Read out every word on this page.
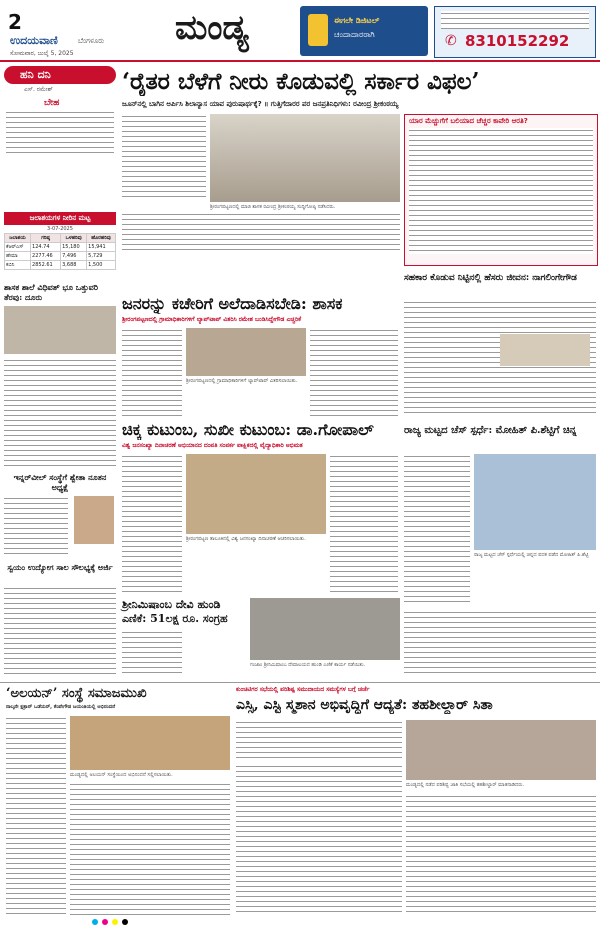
2
ಉದಯವಾಣಿ	ಬೆಂಗಳೂರು
ಸೋಮವಾರ, ಜುಲೈ 5, 2025
ಮಂಡ್ಯ	ಈಗಲೇ ಡಿಜಿಟಲ್
ಚಂದಾದಾರರಾಗಿ	✆ 8310152292
ಹನಿ ದನಿ
ಎಸ್. ರಮೇಶ್
ಬೇಹ
ಜಲಾಶಯಗಳ ನೀರಿನ ಮಟ್ಟ
3-07-2025
ಜಲಾಶಯ	ಗರಿಷ್ಠ	ಒಳಹರಿವು	ಹೊರಹರಿವು
ಕೆಆರ್‌ಎಸ್	124.74	15,180	15,941
ಹೇಮಾ	2277.46	7,496	5,729
ಕಬಿನಿ	2852.61	3,688	1,500
ಶಾಸಕ ಶಾಲೆ ವಿಧಿವತ್ ಭೂ ಒತ್ತುವರಿ ತೆರವು: ದೂರು
ಇನ್ನರ್‌ವೀಲ್ ಸಂಸ್ಥೆಗೆ ಶ್ವೇತಾ ನೂತನ ಅಧ್ಯಕ್ಷೆ
ಸ್ವಯಂ ಉದ್ಯೋಗ ಸಾಲ ಸೌಲಭ್ಯಕ್ಕೆ ಅರ್ಜಿ
‘ರೈತರ ಬೆಳೆಗೆ ನೀರು ಕೊಡುವಲ್ಲಿ ಸರ್ಕಾರ ವಿಫಲ’
ಜೂನ್‌ನಲ್ಲಿ ಬಾಗಿನ ಅರ್ಪಿಸಿ ಶಿಲಾನ್ಯಾಸ ಯಾವ ಪುರುಷಾರ್ಥಕ್ಕೆ? ॥ ಗುತ್ತಿಗೆದಾರರ ಪರ ಜನಪ್ರತಿನಿಧಿಗಳು: ರವೀಂದ್ರ ಶ್ರೀಕಂಠಯ್ಯ
ಶ್ರೀರಂಗಪಟ್ಟಣದಲ್ಲಿ ಮಾಜಿ ಶಾಸಕ ರವೀಂದ್ರ ಶ್ರೀಕಂಠಯ್ಯ ಸುದ್ದಿಗೋಷ್ಠಿ ನಡೆಸಿದರು.
ಯಾರ ಮೆಚ್ಚುಗೆಗೆ ಬಲಿಯಾದ ಚೆಚ್ಚರ ಕಾವೇರಿ ಆರತಿ?
ಜನರನ್ನು ಕಚೇರಿಗೆ ಅಲೆದಾಡಿಸಬೇಡಿ: ಶಾಸಕ
ಶ್ರೀರಂಗಪಟ್ಟಣದಲ್ಲಿ ಗ್ರಾಮಾಧಿಕಾರಿಗಳಿಗೆ ಲ್ಯಾಪ್‌ಟಾಪ್ ವಿತರಿಸಿ ರಮೇಶ ಬಂಡಿಸಿದ್ದೇಗೌಡ ಎಚ್ಚರಿಕೆ
ಶ್ರೀರಂಗಪಟ್ಟಣದಲ್ಲಿ ಗ್ರಾಮಾಧಿಕಾರಿಗಳಿಗೆ ಲ್ಯಾಪ್‌ಟಾಪ್ ವಿತರಿಸಲಾಯಿತು.
ಸಹಕಾರ ಕೊಡುವ ನಿಟ್ಟಿನಲ್ಲಿ ಹೆಸರು ಜೀವನ: ನಾಗಲಿಂಗೇಗೌಡ
ಚಿಕ್ಕ ಕುಟುಂಬ, ಸುಖೀ ಕುಟುಂಬ: ಡಾ.ಗೋಪಾಲ್
ವಿಶ್ವ ಜನಸಂಖ್ಯಾ ದಿನಾಚರಣೆ ಅಭಿಯಾನದ ದಂಪತಿ ಸಂಪರ್ಕ ಪಾಕ್ಷಿಕದಲ್ಲಿ ವೈದ್ಯಾಧಿಕಾರಿ ಅಭಿಮತ
ಶ್ರೀರಂಗಪಟ್ಟಣ ತಾಲೂಕಿನಲ್ಲಿ ವಿಶ್ವ ಜನಸಂಖ್ಯಾ ದಿನಾಚರಣೆ ಆಚರಿಸಲಾಯಿತು.
ರಾಜ್ಯ ಮಟ್ಟದ ಚೆಸ್ ಸ್ಪರ್ಧೆ: ಮೋಹಿತ್ ಪಿ.ಶೆಟ್ಟಿಗೆ ಚಿನ್ನ
ರಾಜ್ಯ ಮಟ್ಟದ ಚೆಸ್ ಸ್ಪರ್ಧೆಯಲ್ಲಿ ಚಿನ್ನದ ಪದಕ ಪಡೆದ ಮೋಹಿತ್ ಪಿ.ಶೆಟ್ಟಿ
ಶ್ರೀನಿಮಿಷಾಂಬ ದೇವಿ ಹುಂಡಿ ಎಣಿಕೆ: 51ಲಕ್ಷ ರೂ. ಸಂಗ್ರಹ
ಗಂಜಾಂ ಶ್ರೀನಿಮಿಷಾಂಬ ದೇವಾಲಯದ ಹುಂಡಿ ಎಣಿಕೆ ಕಾರ್ಯ ನಡೆಯಿತು.
‘ಅಲಯನ್’ ಸಂಸ್ಥೆ ಸಮಾಜಮುಖಿ
ನಾಲ್ಕನೇ ಕ್ಷತ್ರಾನ್ ಒಡೆಯರ್, ಕೆಂಪೇಗೌಡ ಜಯಂತಿಯಲ್ಲಿ ಅಭಿನಂದನೆ
ಮಂಡ್ಯದಲ್ಲಿ ಅಲಯನ್ ಸಂಸ್ಥೆಯಿಂದ ಅಭಿನಂದನೆ ಸಲ್ಲಿಸಲಾಯಿತು.
ಕುಂಚಿಟಿಗರ ಸಭೆಯಲ್ಲಿ ಪರಿಶಿಷ್ಟ ಸಮುದಾಯದ ಸಮಸ್ಯೆಗಳ ಬಗ್ಗೆ ಚರ್ಚೆ
ಎಸ್ಸಿ, ಎಸ್ಟಿ ಸ್ಮಶಾನ ಅಭಿವೃದ್ಧಿಗೆ ಆದ್ಯತೆ: ತಹಶೀಲ್ದಾರ್ ಸಿತಾ
ಮಂಡ್ಯದಲ್ಲಿ ನಡೆದ ಪರಿಶಿಷ್ಟ ಜಾತಿ ಸಭೆಯಲ್ಲಿ ತಹಶೀಲ್ದಾರ್ ಮಾತನಾಡಿದರು.
